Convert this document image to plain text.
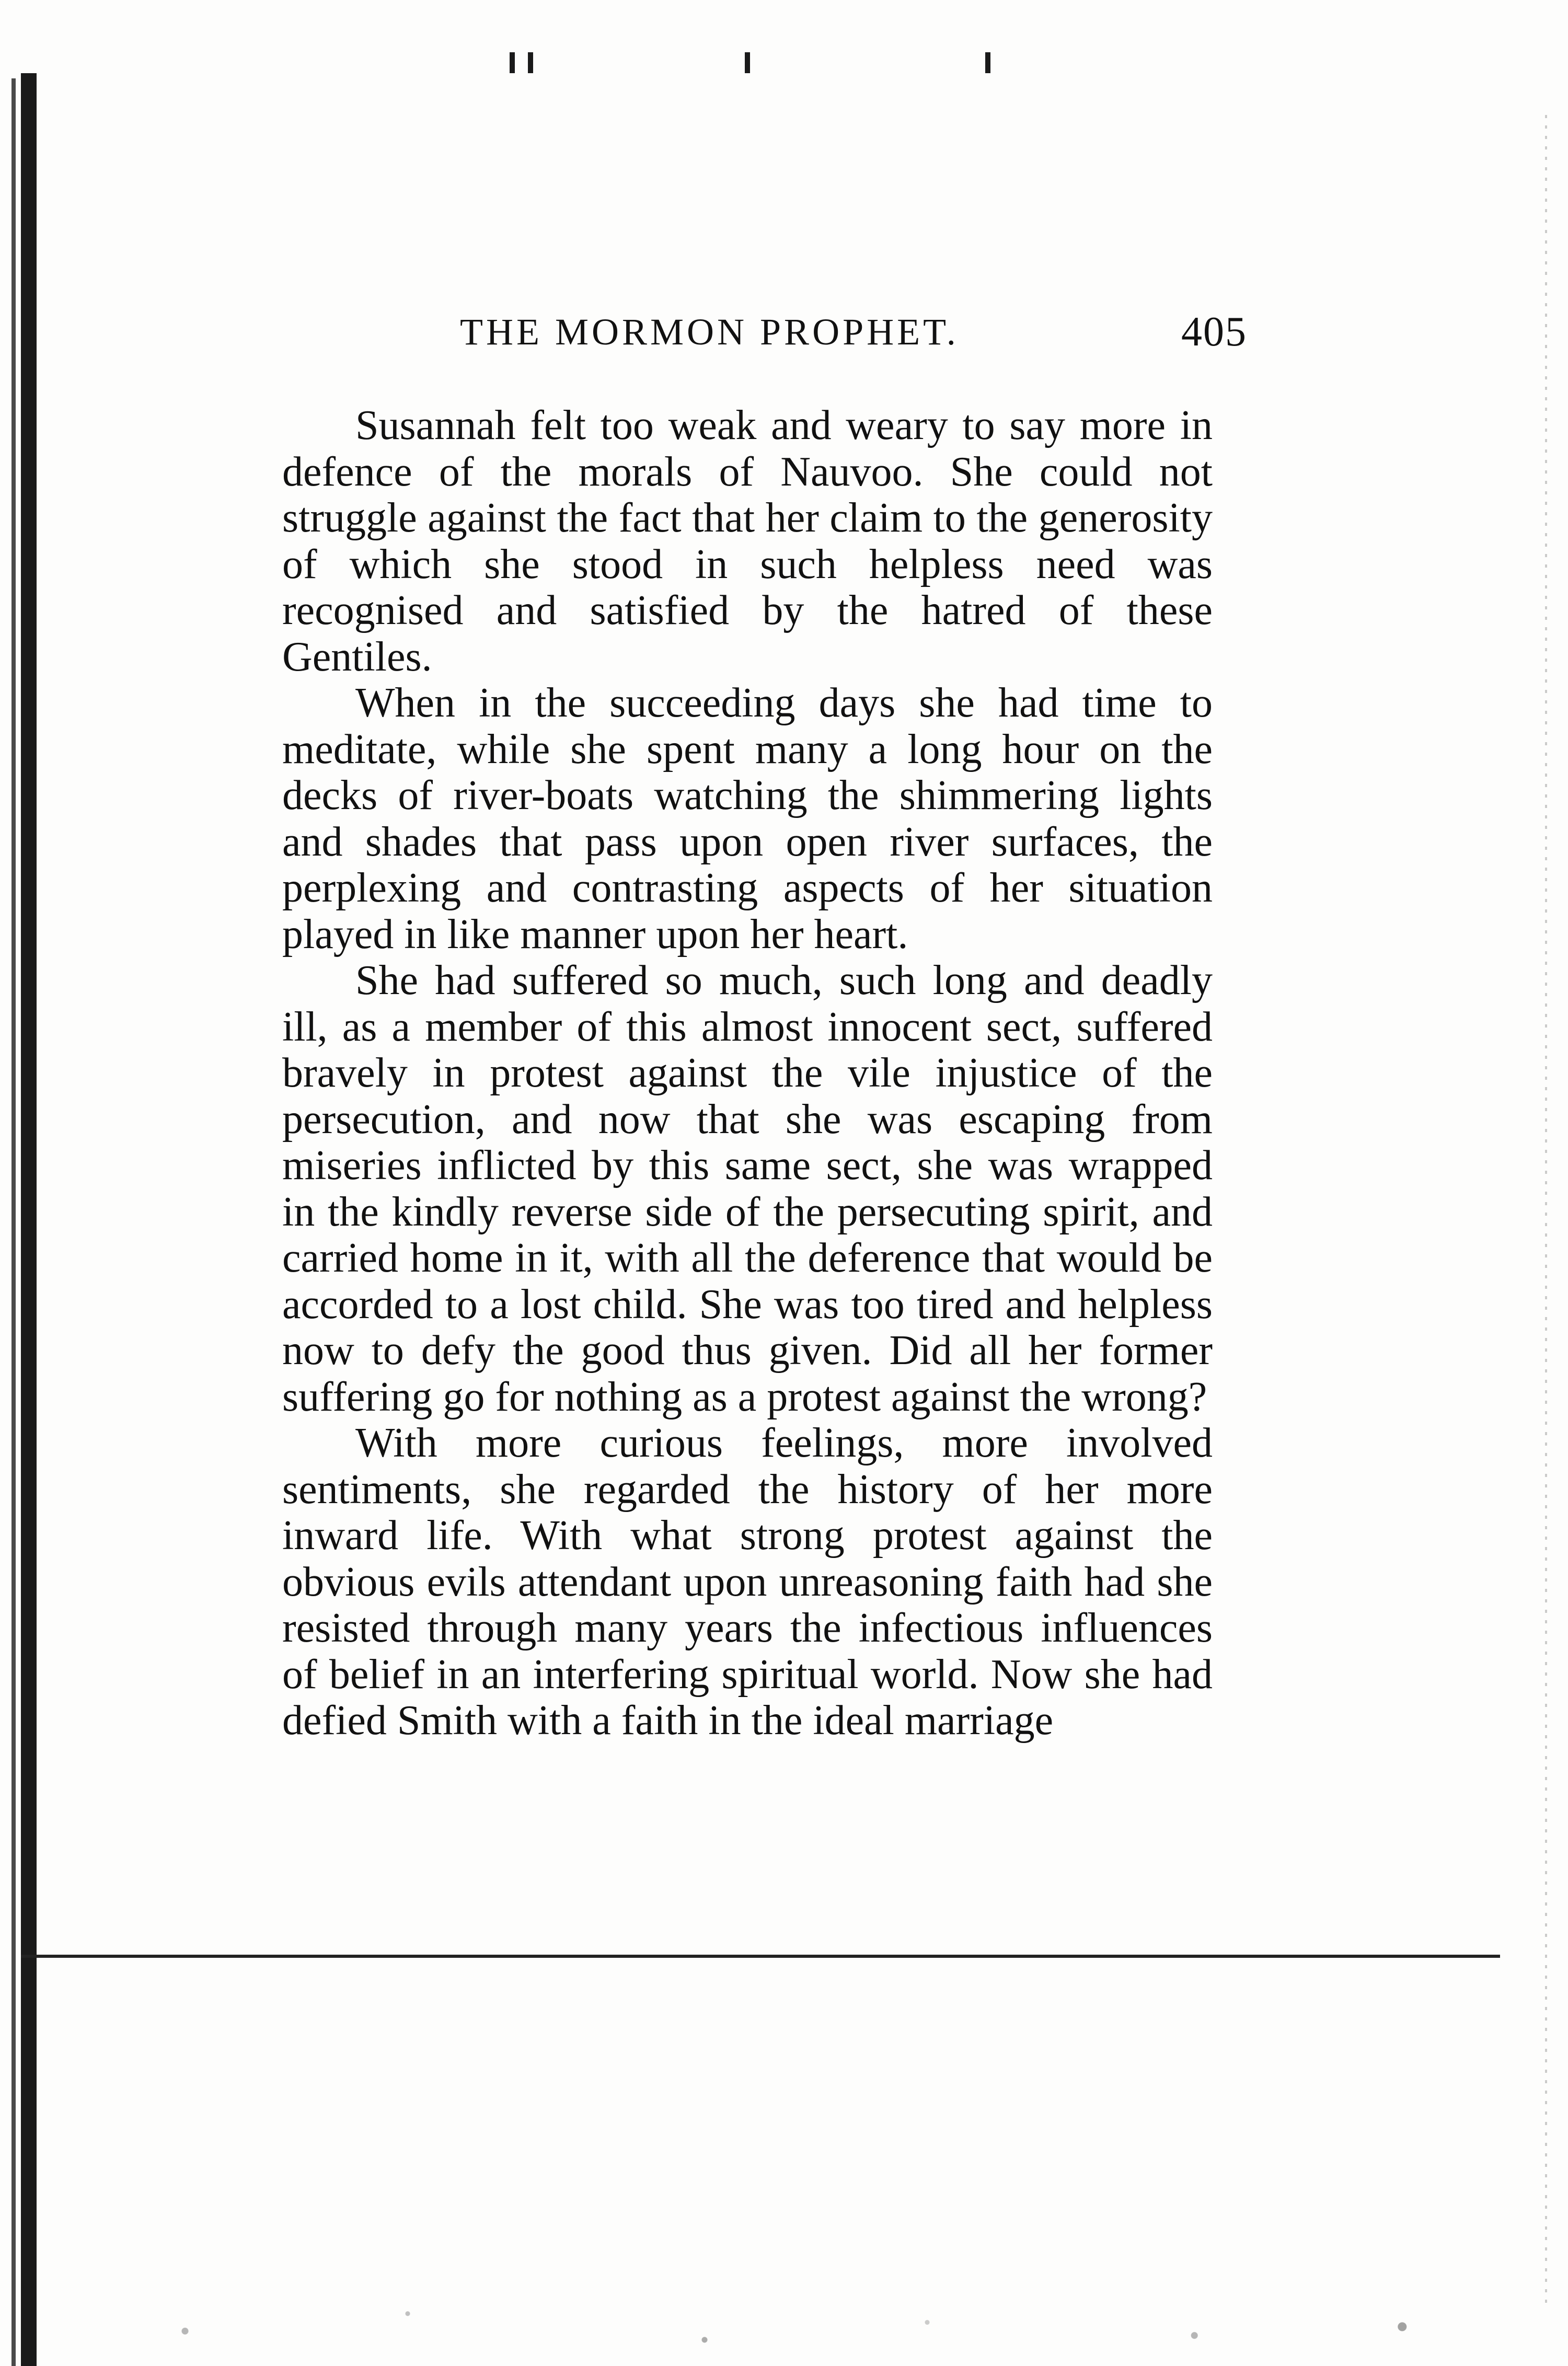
THE MORMON PROPHET.	405

Susannah felt too weak and weary to say more in defence of the morals of Nauvoo. She could not struggle against the fact that her claim to the generosity of which she stood in such helpless need was recognised and satisfied by the hatred of these Gentiles.

When in the succeeding days she had time to meditate, while she spent many a long hour on the decks of river-boats watching the shimmering lights and shades that pass upon open river surfaces, the perplexing and contrasting aspects of her situation played in like manner upon her heart.

She had suffered so much, such long and deadly ill, as a member of this almost innocent sect, suffered bravely in protest against the vile injustice of the persecution, and now that she was escaping from miseries inflicted by this same sect, she was wrapped in the kindly reverse side of the persecuting spirit, and carried home in it, with all the deference that would be accorded to a lost child. She was too tired and helpless now to defy the good thus given. Did all her former suffering go for nothing as a protest against the wrong?

With more curious feelings, more involved sentiments, she regarded the history of her more inward life. With what strong protest against the obvious evils attendant upon unreasoning faith had she resisted through many years the infectious influences of belief in an interfering spiritual world. Now she had defied Smith with a faith in the ideal marriage
